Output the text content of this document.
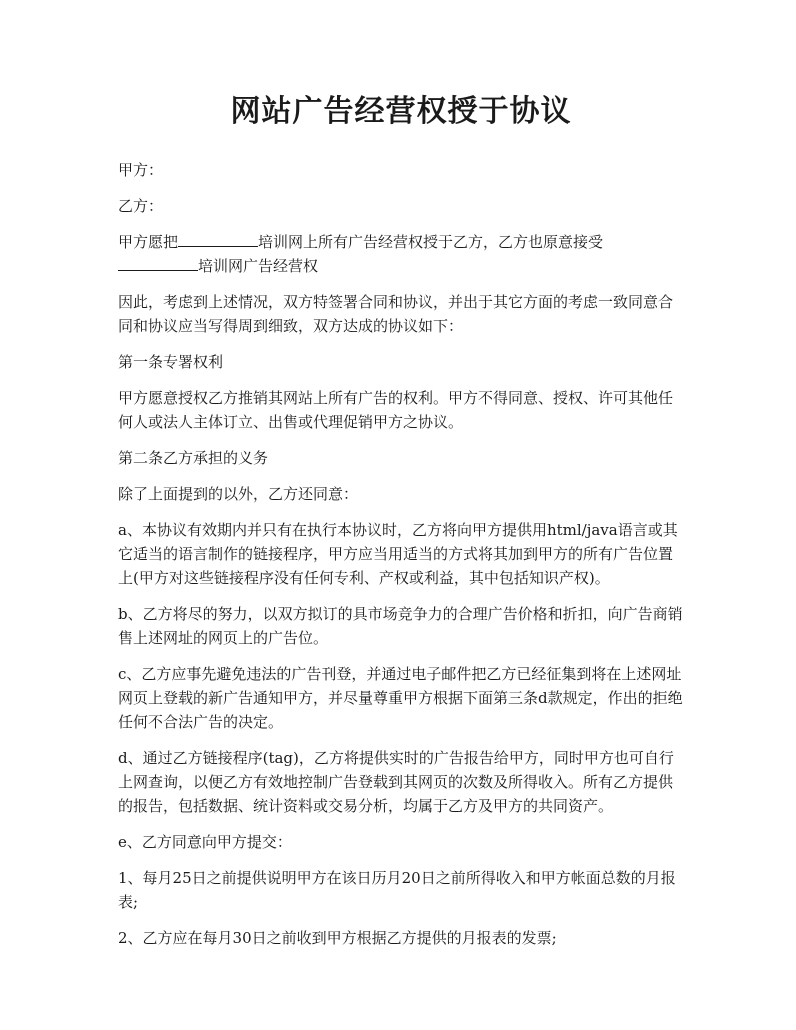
网站广告经营权授于协议

甲方：

乙方：

甲方愿把	培训网上所有广告经营权授于乙方，乙方也原意接受
培训网广告经营权

因此，考虑到上述情况，双方特签署合同和协议，并出于其它方面的考虑一致同意合同和协议应当写得周到细致，双方达成的协议如下：

第一条专署权利

甲方愿意授权乙方推销其网站上所有广告的权利。甲方不得同意、授权、许可其他任何人或法人主体订立、出售或代理促销甲方之协议。

第二条乙方承担的义务

除了上面提到的以外，乙方还同意：

a、本协议有效期内并只有在执行本协议时，乙方将向甲方提供用html/java语言或其它适当的语言制作的链接程序，甲方应当用适当的方式将其加到甲方的所有广告位置上(甲方对这些链接程序没有任何专利、产权或利益，其中包括知识产权)。

b、乙方将尽的努力，以双方拟订的具市场竞争力的合理广告价格和折扣，向广告商销售上述网址的网页上的广告位。

c、乙方应事先避免违法的广告刊登，并通过电子邮件把乙方已经征集到将在上述网址网页上登载的新广告通知甲方，并尽量尊重甲方根据下面第三条d款规定，作出的拒绝任何不合法广告的决定。

d、通过乙方链接程序(tag)，乙方将提供实时的广告报告给甲方，同时甲方也可自行上网查询，以便乙方有效地控制广告登载到其网页的次数及所得收入。所有乙方提供的报告，包括数据、统计资料或交易分析，均属于乙方及甲方的共同资产。

e、乙方同意向甲方提交：

1、每月25日之前提供说明甲方在该日历月20日之前所得收入和甲方帐面总数的月报表;

2、乙方应在每月30日之前收到甲方根据乙方提供的月报表的发票;
